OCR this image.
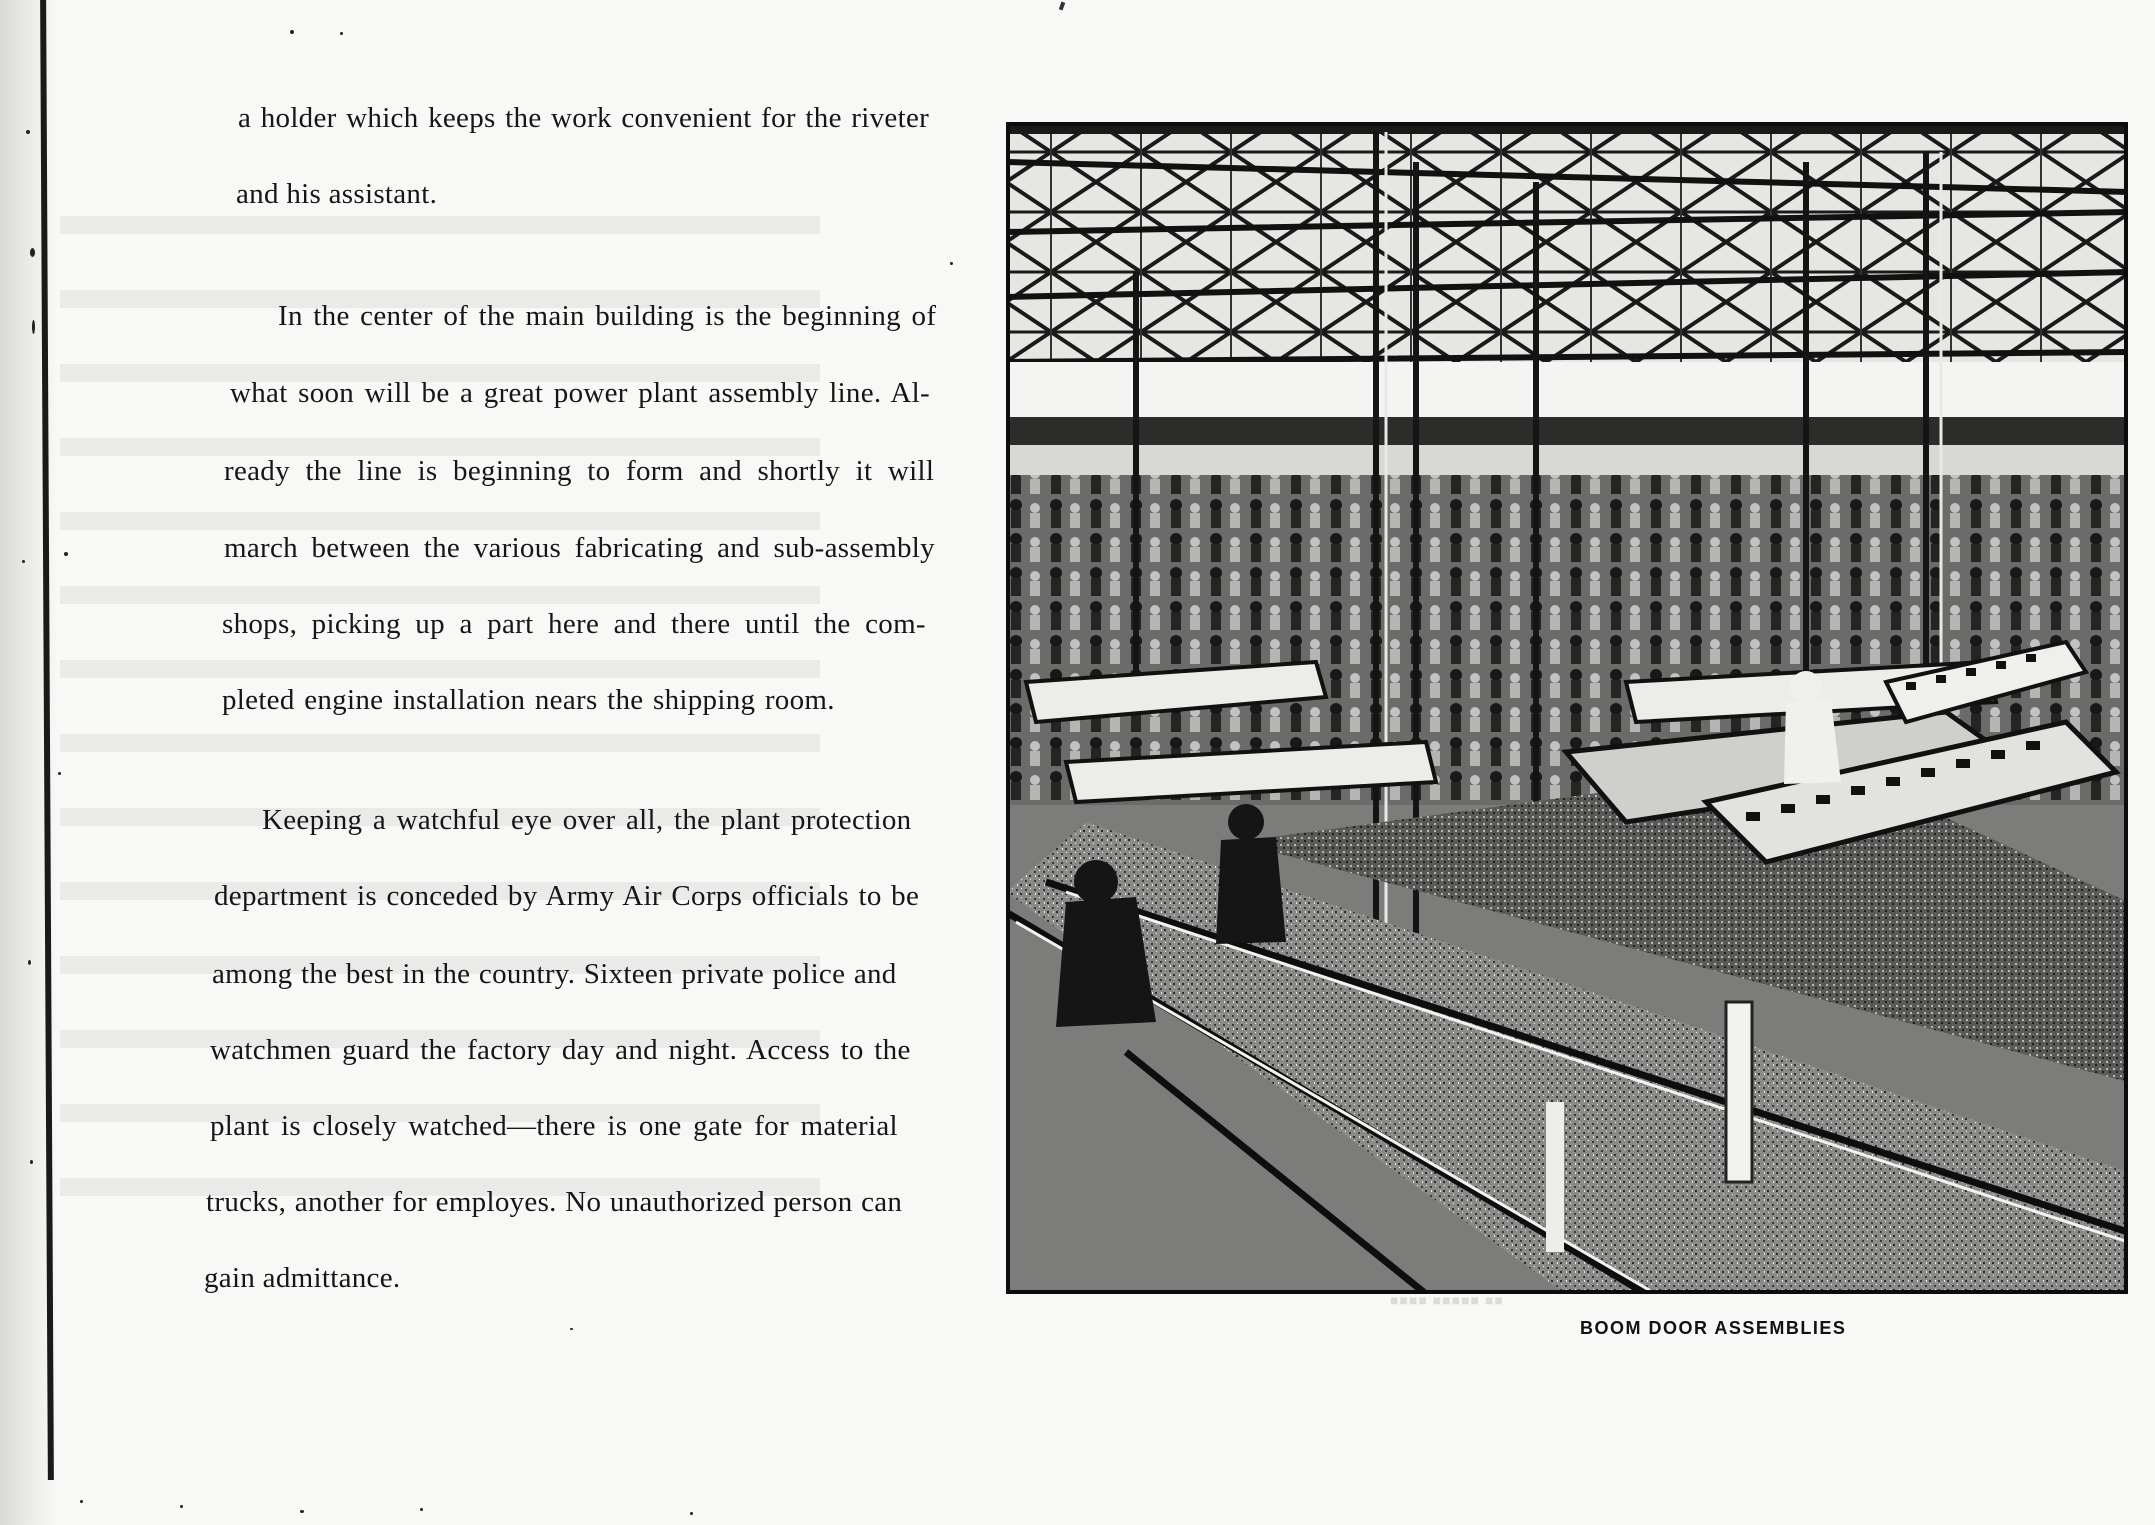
a holder which keeps the work convenient for the riveter
and his assistant.
In the center of the main building is the beginning of
what soon will be a great power plant assembly line. Al-
ready the line is beginning to form and shortly it will
march between the various fabricating and sub-assembly
shops, picking up a part here and there until the com-
pleted engine installation nears the shipping room.
Keeping a watchful eye over all, the plant protection
department is conceded by Army Air Corps officials to be
among the best in the country. Sixteen private police and
watchmen guard the factory day and night. Access to the
plant is closely watched—there is one gate for material
trucks, another for employes. No unauthorized person can
gain admittance.
■■■■ ■■■■■ ■■
BOOM DOOR ASSEMBLIES
